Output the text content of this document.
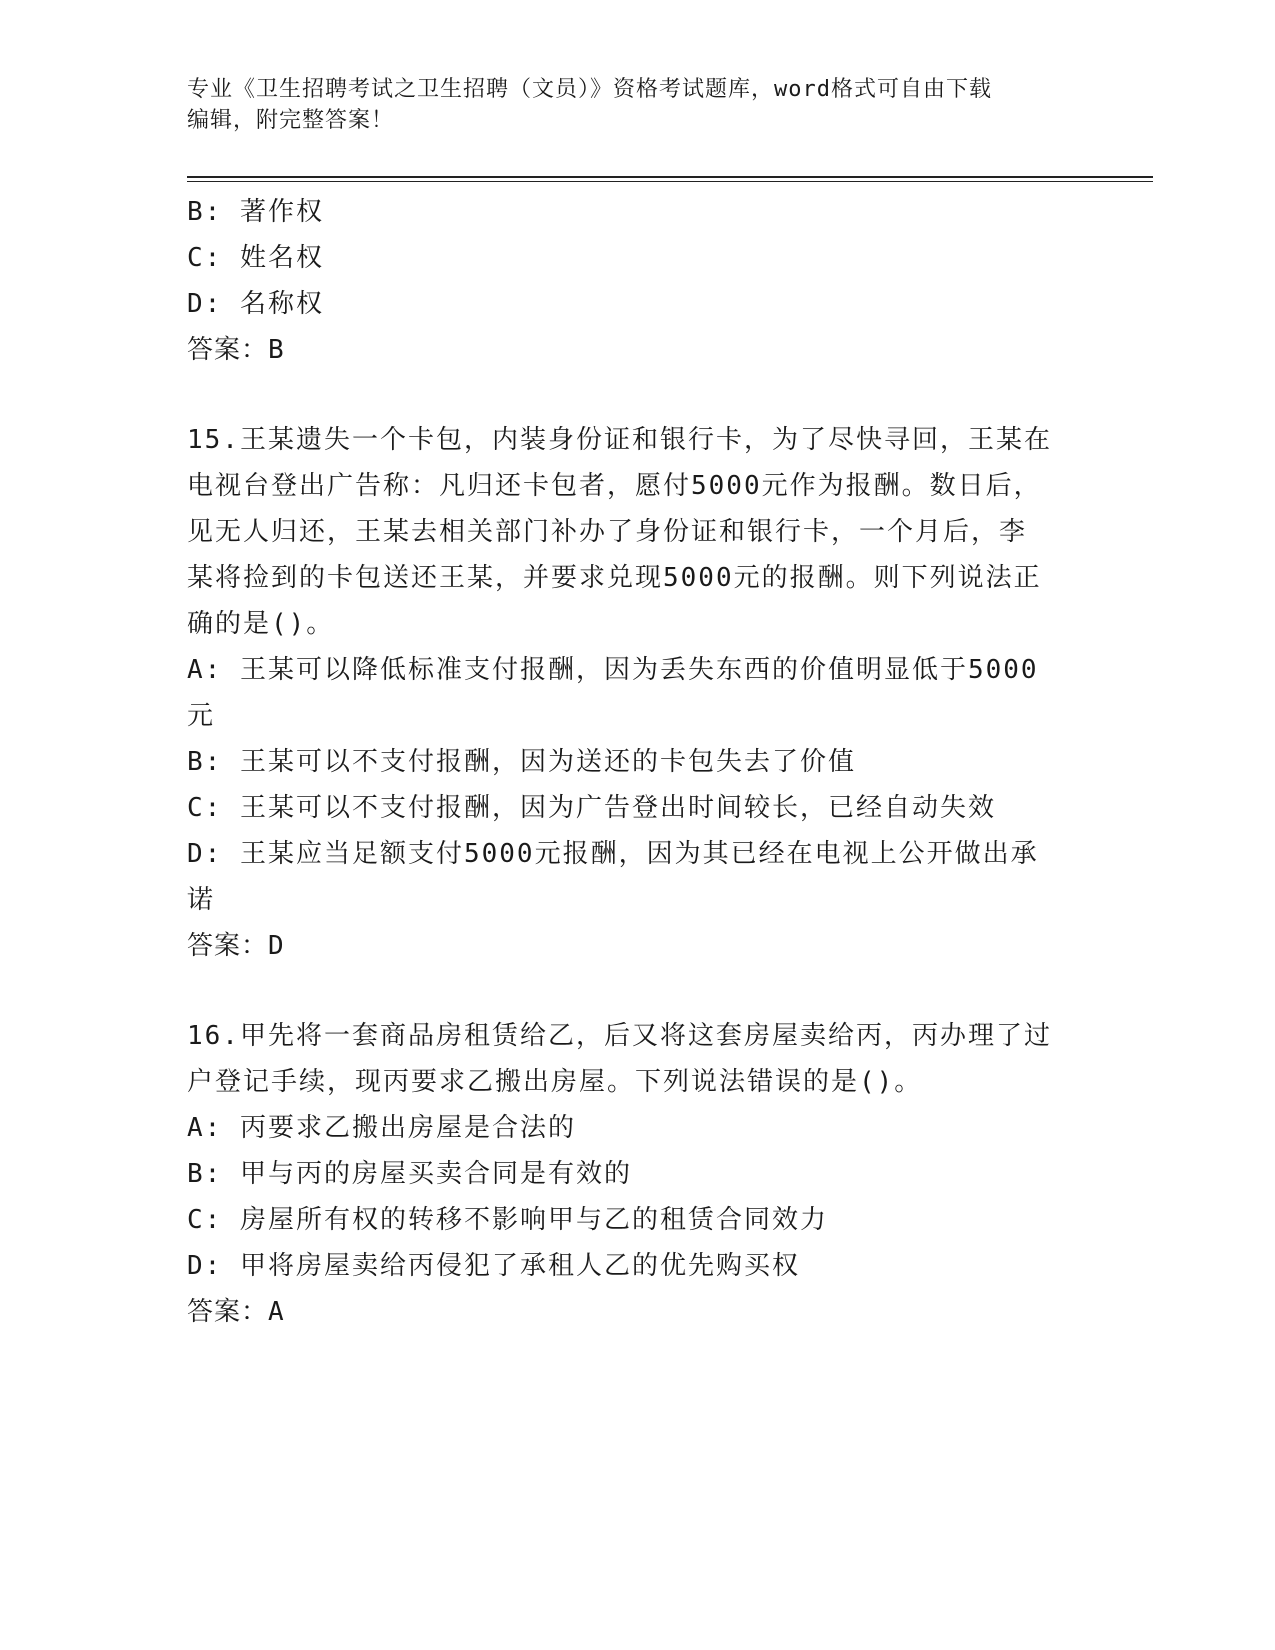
专业《卫生招聘考试之卫生招聘（文员）》资格考试题库，word格式可自由下载
编辑，附完整答案！

B: 著作权

C: 姓名权

D: 名称权

答案：B

15.王某遗失一个卡包，内装身份证和银行卡，为了尽快寻回，王某在

电视台登出广告称：凡归还卡包者，愿付5000元作为报酬。数日后，

见无人归还，王某去相关部门补办了身份证和银行卡，一个月后，李

某将捡到的卡包送还王某，并要求兑现5000元的报酬。则下列说法正

确的是()。

A: 王某可以降低标准支付报酬，因为丢失东西的价值明显低于5000

元

B: 王某可以不支付报酬，因为送还的卡包失去了价值

C: 王某可以不支付报酬，因为广告登出时间较长，已经自动失效

D: 王某应当足额支付5000元报酬，因为其已经在电视上公开做出承

诺

答案：D

16.甲先将一套商品房租赁给乙，后又将这套房屋卖给丙，丙办理了过

户登记手续，现丙要求乙搬出房屋。下列说法错误的是()。

A: 丙要求乙搬出房屋是合法的

B: 甲与丙的房屋买卖合同是有效的

C: 房屋所有权的转移不影响甲与乙的租赁合同效力

D: 甲将房屋卖给丙侵犯了承租人乙的优先购买权

答案：A
